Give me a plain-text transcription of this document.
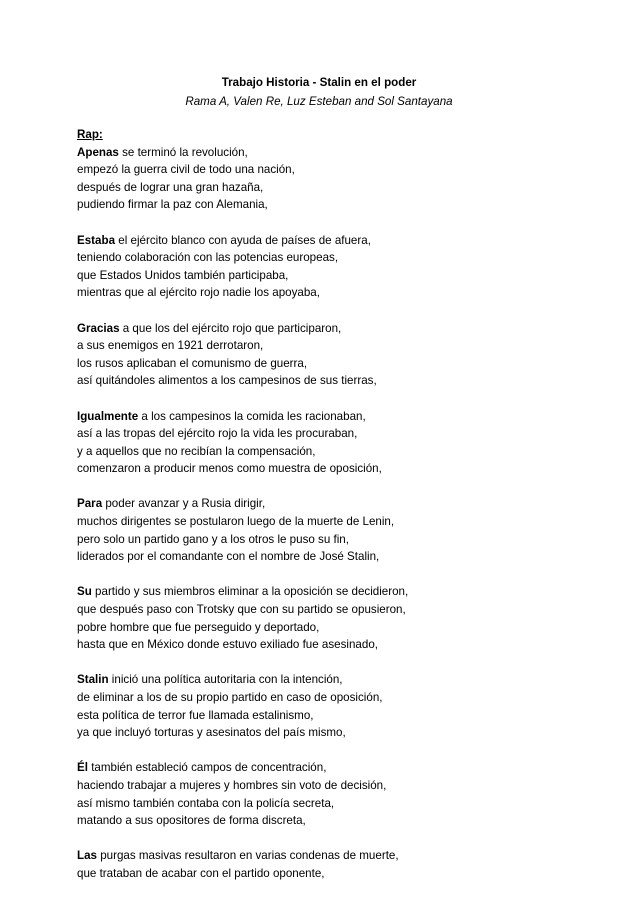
Trabajo Historia - Stalin en el poder
Rama A, Valen Re, Luz Esteban and Sol Santayana
Rap:
Apenas se terminó la revolución,
empezó la guerra civil de todo una nación,
después de lograr una gran hazaña,
pudiendo firmar la paz con Alemania,
Estaba el ejército blanco con ayuda de países de afuera,
teniendo colaboración con las potencias europeas,
que Estados Unidos también participaba,
mientras que al ejército rojo nadie los apoyaba,
Gracias a que los del ejército rojo que participaron,
a sus enemigos en 1921 derrotaron,
los rusos aplicaban el comunismo de guerra,
así quitándoles alimentos a los campesinos de sus tierras,
Igualmente a los campesinos la comida les racionaban,
así a las tropas del ejército rojo la vida les procuraban,
y a aquellos que no recibían la compensación,
comenzaron a producir menos como muestra de oposición,
Para poder avanzar y a Rusia dirigir,
muchos dirigentes se postularon luego de la muerte de Lenin,
pero solo un partido gano y a los otros le puso su fin,
liderados por el comandante con el nombre de José Stalin,
Su partido y sus miembros eliminar a la oposición se decidieron,
que después paso con Trotsky que con su partido se opusieron,
pobre hombre que fue perseguido y deportado,
hasta que en México donde estuvo exiliado fue asesinado,
Stalin inició una política autoritaria con la intención,
de eliminar a los de su propio partido en caso de oposición,
esta política de terror fue llamada estalinismo,
ya que incluyó torturas y asesinatos del país mismo,
Él también estableció campos de concentración,
haciendo trabajar a mujeres y hombres sin voto de decisión,
así mismo también contaba con la policía secreta,
matando a sus opositores de forma discreta,
Las purgas masivas resultaron en varias condenas de muerte,
que trataban de acabar con el partido oponente,
